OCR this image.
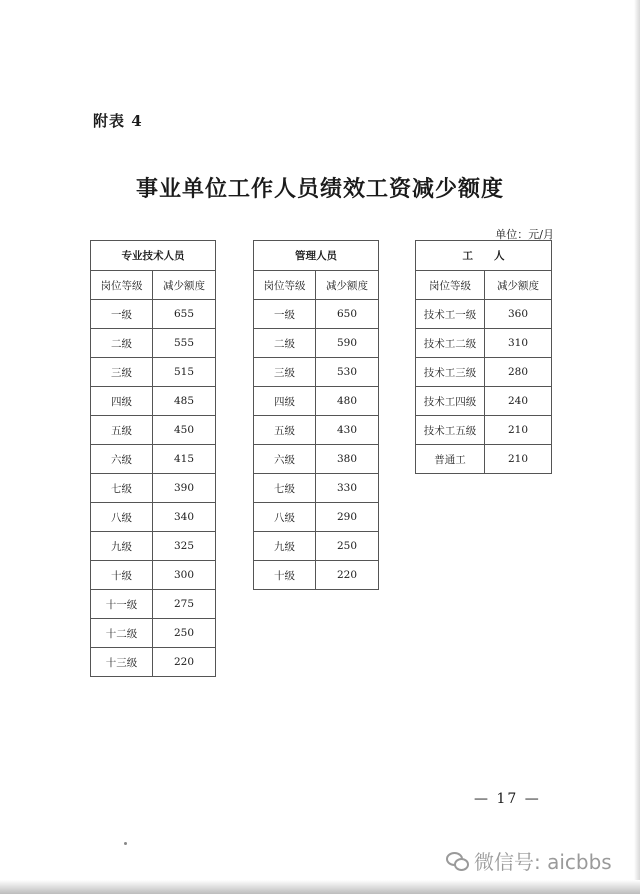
附表 4
事业单位工作人员绩效工资减少额度
单位：元/月
专业技术人员	
岗位等级	减少额度
一级	655
二级	555
三级	515
四级	485
五级	450
六级	415
七级	390
八级	340
九级	325
十级	300
十一级	275
十二级	250
十三级	220
管理人员	
岗位等级	减少额度
一级	650
二级	590
三级	530
四级	480
五级	430
六级	380
七级	330
八级	290
九级	250
十级	220
工　　人	
岗位等级	减少额度
技术工一级	360
技术工二级	310
技术工三级	280
技术工四级	240
技术工五级	210
普通工	210
— 17 —
微信号: aicbbs
